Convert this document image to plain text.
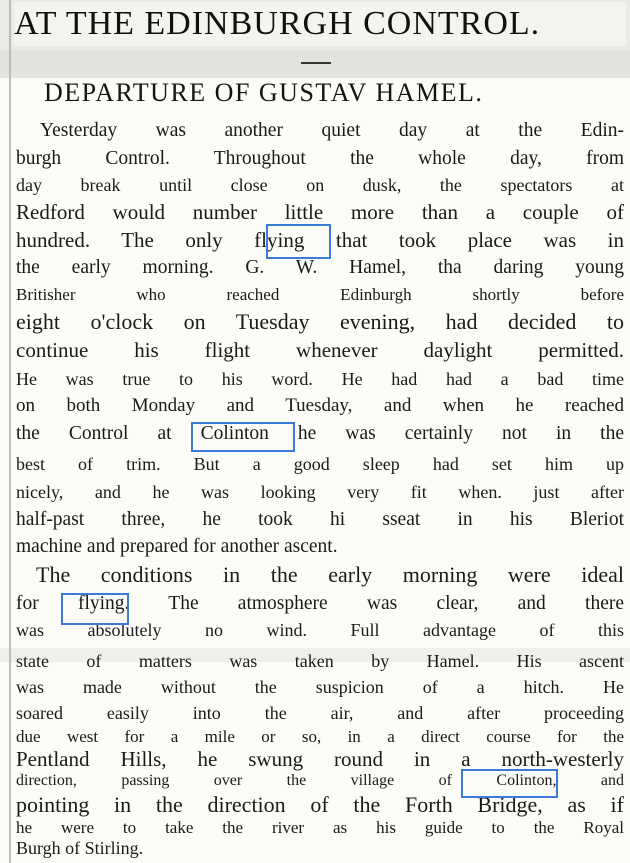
AT THE EDINBURGH CONTROL.
DEPARTURE OF GUSTAV HAMEL.
Yesterday was another quiet day at the Edin-
burgh Control. Throughout the whole day, from
day break until close on dusk, the spectators at
Redford would number little more than a couple of
hundred. The only flying that took place was in
the early morning. G. W. Hamel, tha daring young
Britisher who reached Edinburgh shortly before
eight o'clock on Tuesday evening, had decided to
continue his flight whenever daylight permitted.
He was true to his word. He had had a bad time
on both Monday and Tuesday, and when he reached
the Control at Colinton he was certainly not in the
best of trim. But a good sleep had set him up
nicely, and he was looking very fit when. just after
half-past three, he took hi sseat in his Bleriot
machine and prepared for another ascent.
The conditions in the early morning were ideal
for flying. The atmosphere was clear, and there
was absolutely no wind. Full advantage of this
state of matters was taken by Hamel. His ascent
was made without the suspicion of a hitch. He
soared easily into the air, and after proceeding
due west for a mile or so, in a direct course for the
Pentland Hills, he swung round in a north-westerly
direction, passing over the village of Colinton, and
pointing in the direction of the Forth Bridge, as if
he were to take the river as his guide to the Royal
Burgh of Stirling.
